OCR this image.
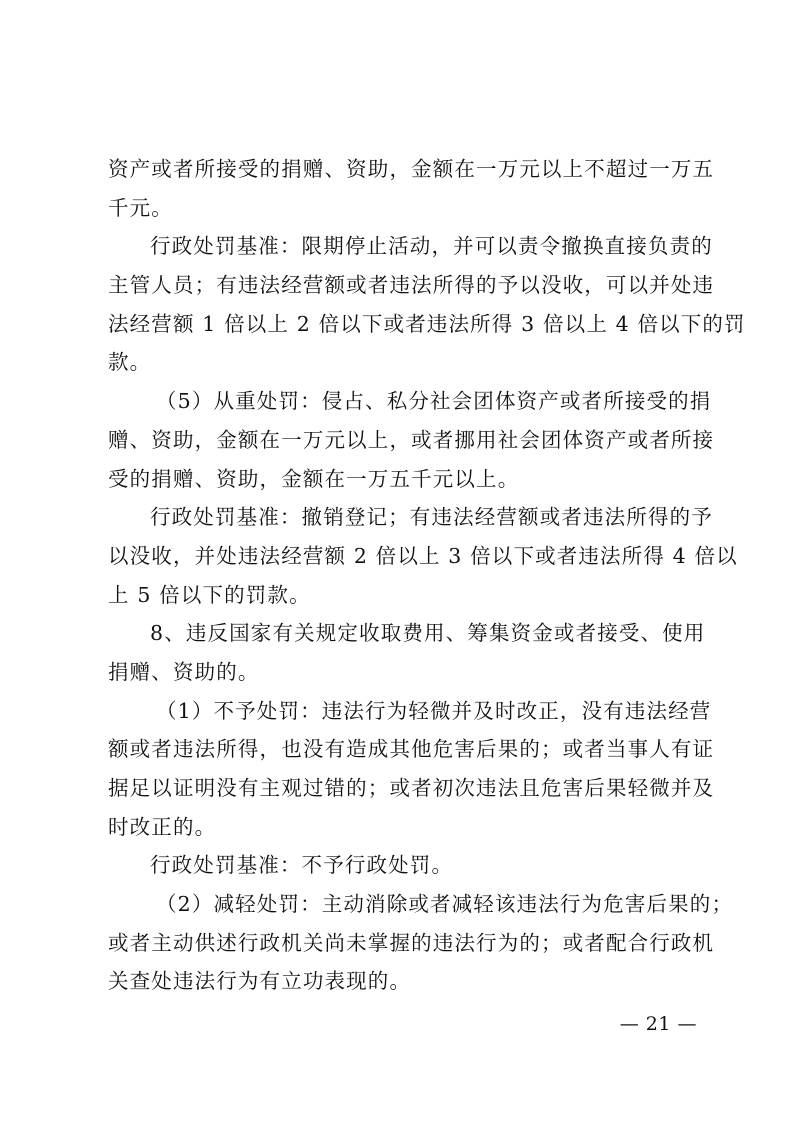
资产或者所接受的捐赠、资助，金额在一万元以上不超过一万五
千元。
行政处罚基准：限期停止活动，并可以责令撤换直接负责的
主管人员；有违法经营额或者违法所得的予以没收，可以并处违
法经营额 1 倍以上 2 倍以下或者违法所得 3 倍以上 4 倍以下的罚
款。
（5）从重处罚：侵占、私分社会团体资产或者所接受的捐
赠、资助，金额在一万元以上，或者挪用社会团体资产或者所接
受的捐赠、资助，金额在一万五千元以上。
行政处罚基准：撤销登记；有违法经营额或者违法所得的予
以没收，并处违法经营额 2 倍以上 3 倍以下或者违法所得 4 倍以
上 5 倍以下的罚款。
8、违反国家有关规定收取费用、筹集资金或者接受、使用
捐赠、资助的。
（1）不予处罚：违法行为轻微并及时改正，没有违法经营
额或者违法所得，也没有造成其他危害后果的；或者当事人有证
据足以证明没有主观过错的；或者初次违法且危害后果轻微并及
时改正的。
行政处罚基准：不予行政处罚。
（2）减轻处罚：主动消除或者减轻该违法行为危害后果的；
或者主动供述行政机关尚未掌握的违法行为的；或者配合行政机
关查处违法行为有立功表现的。
— 21 —
